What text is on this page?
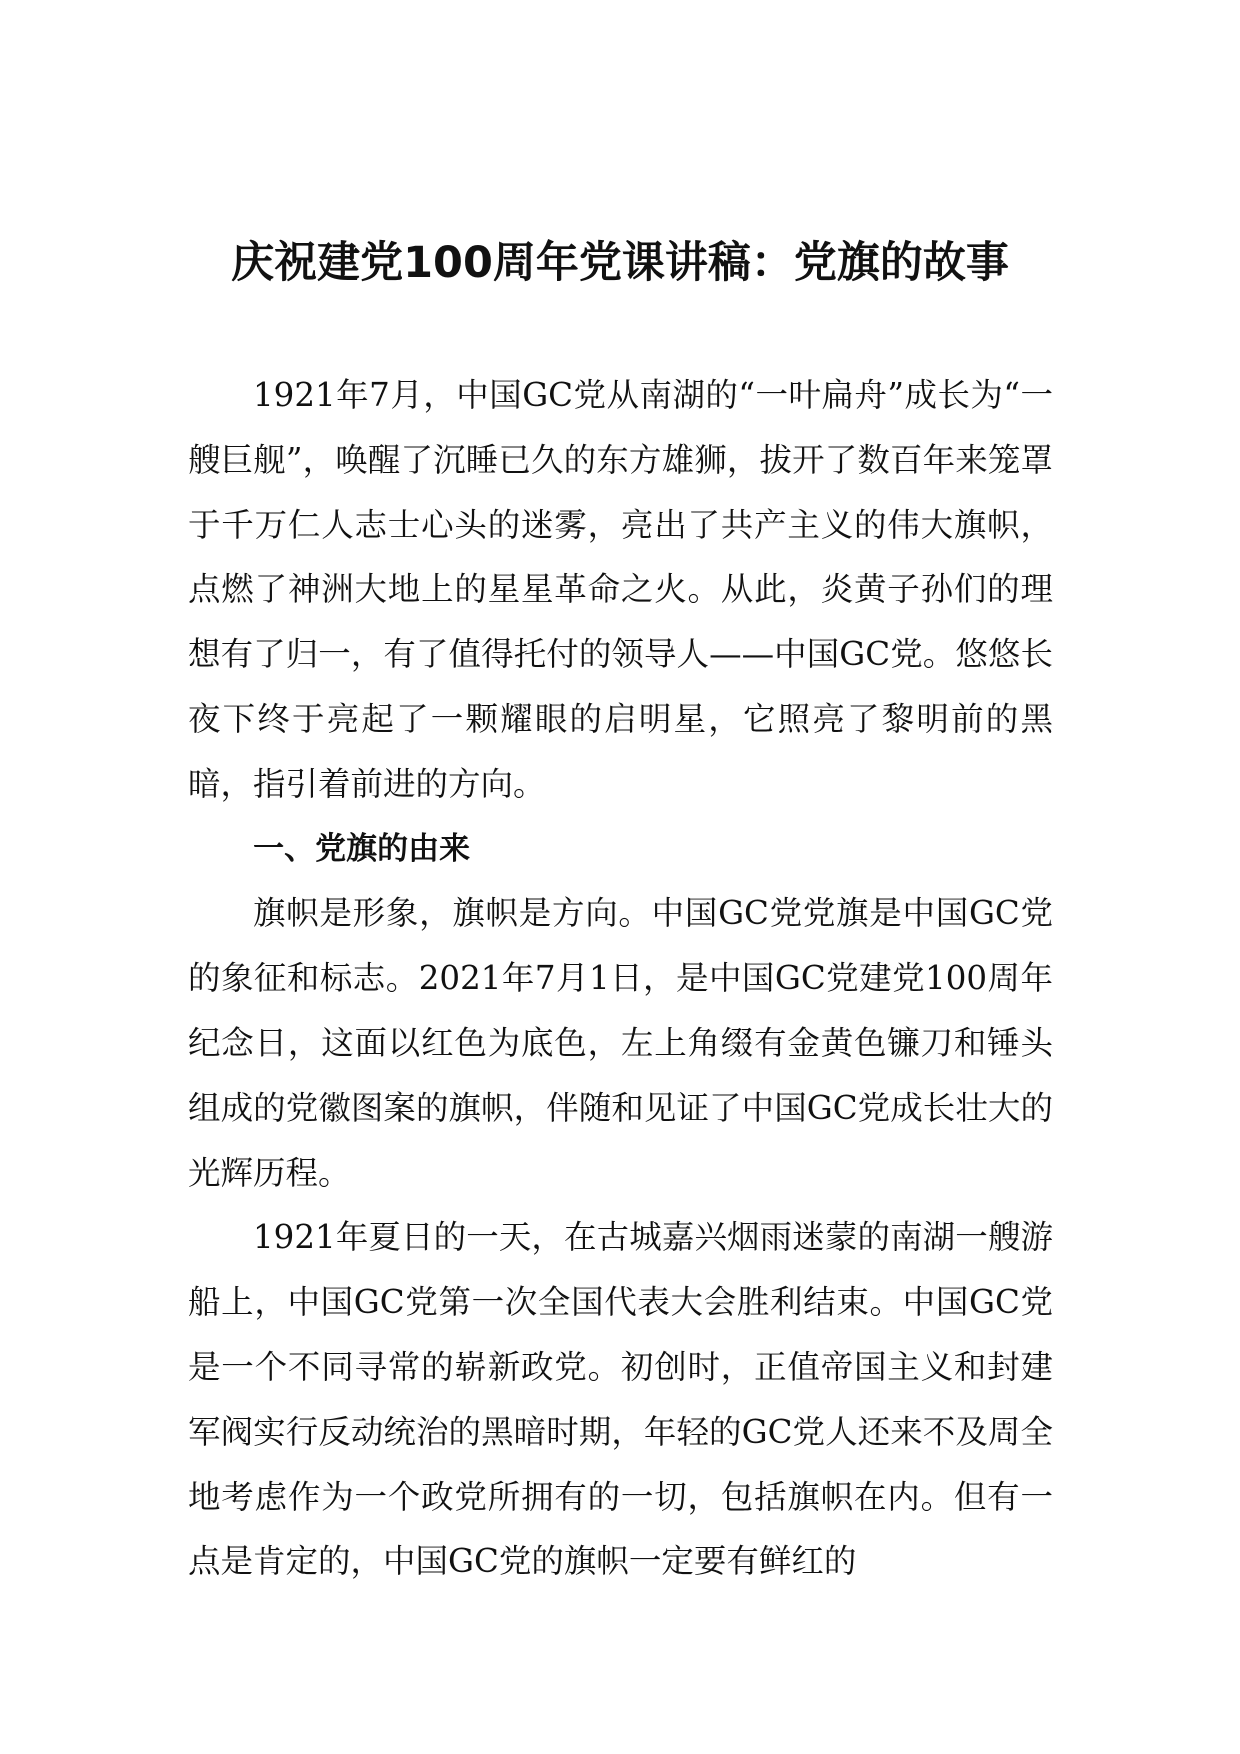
庆祝建党100周年党课讲稿：党旗的故事

1921年7月，中国GC党从南湖的“一叶扁舟”成长为“一艘巨舰”，唤醒了沉睡已久的东方雄狮，拔开了数百年来笼罩于千万仁人志士心头的迷雾，亮出了共产主义的伟大旗帜，点燃了神洲大地上的星星革命之火。从此，炎黄子孙们的理想有了归一，有了值得托付的领导人——中国GC党。悠悠长夜下终于亮起了一颗耀眼的启明星，它照亮了黎明前的黑暗，指引着前进的方向。

一、党旗的由来

旗帜是形象，旗帜是方向。中国GC党党旗是中国GC党的象征和标志。2021年7月1日，是中国GC党建党100周年纪念日，这面以红色为底色，左上角缀有金黄色镰刀和锤头组成的党徽图案的旗帜，伴随和见证了中国GC党成长壮大的光辉历程。

1921年夏日的一天，在古城嘉兴烟雨迷蒙的南湖一艘游船上，中国GC党第一次全国代表大会胜利结束。中国GC党是一个不同寻常的崭新政党。初创时，正值帝国主义和封建军阀实行反动统治的黑暗时期，年轻的GC党人还来不及周全地考虑作为一个政党所拥有的一切，包括旗帜在内。但有一点是肯定的，中国GC党的旗帜一定要有鲜红的
